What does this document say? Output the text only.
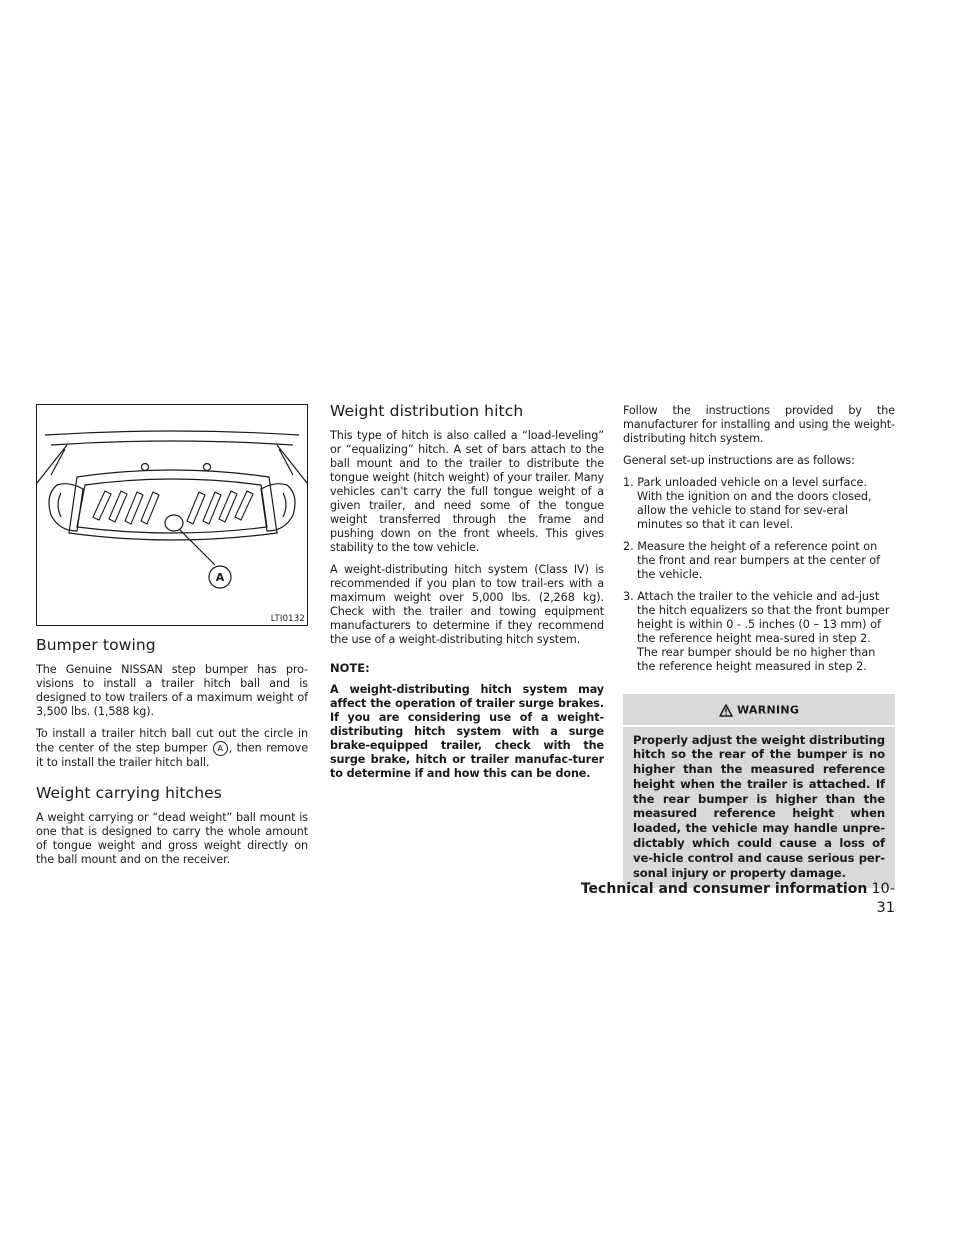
A
LTI0132
Bumper towing

The Genuine NISSAN step bumper has pro-visions to install a trailer hitch ball and is designed to tow trailers of a maximum weight of 3,500 lbs. (1,588 kg).

To install a trailer hitch ball cut out the circle in the center of the step bumper A , then remove it to install the trailer hitch ball.

Weight carrying hitches

A weight carrying or “dead weight” ball mount is one that is designed to carry the whole amount of tongue weight and gross weight directly on the ball mount and on the receiver.

Weight distribution hitch

This type of hitch is also called a “load-leveling” or “equalizing” hitch. A set of bars attach to the ball mount and to the trailer to distribute the tongue weight (hitch weight) of your trailer. Many vehicles can't carry the full tongue weight of a given trailer, and need some of the tongue weight transferred through the frame and pushing down on the front wheels. This gives stability to the tow vehicle.

A weight-distributing hitch system (Class IV) is recommended if you plan to tow trail-ers with a maximum weight over 5,000 lbs. (2,268 kg). Check with the trailer and towing equipment manufacturers to determine if they recommend the use of a weight-distributing hitch system.

NOTE:

A weight-distributing hitch system may affect the operation of trailer surge brakes. If you are considering use of a weight-distributing hitch system with a surge brake-equipped trailer, check with the surge brake, hitch or trailer manufac-turer to determine if and how this can be done.

Follow the instructions provided by the manufacturer for installing and using the weight-distributing hitch system.

General set-up instructions are as follows:

1. Park unloaded vehicle on a level surface. With the ignition on and the doors closed, allow the vehicle to stand for sev-eral minutes so that it can level.
2. Measure the height of a reference point on the front and rear bumpers at the center of the vehicle.
3. Attach the trailer to the vehicle and ad-just the hitch equalizers so that the front bumper height is within 0 - .5 inches (0 – 13 mm) of the reference height mea-sured in step 2. The rear bumper should be no higher than the reference height measured in step 2.
WARNING

Properly adjust the weight distributing hitch so the rear of the bumper is no higher than the measured reference height when the trailer is attached. If the rear bumper is higher than the measured reference height when loaded, the vehicle may handle unpre-dictably which could cause a loss of ve-hicle control and cause serious per-sonal injury or property damage.

Technical and consumer information 10-31
